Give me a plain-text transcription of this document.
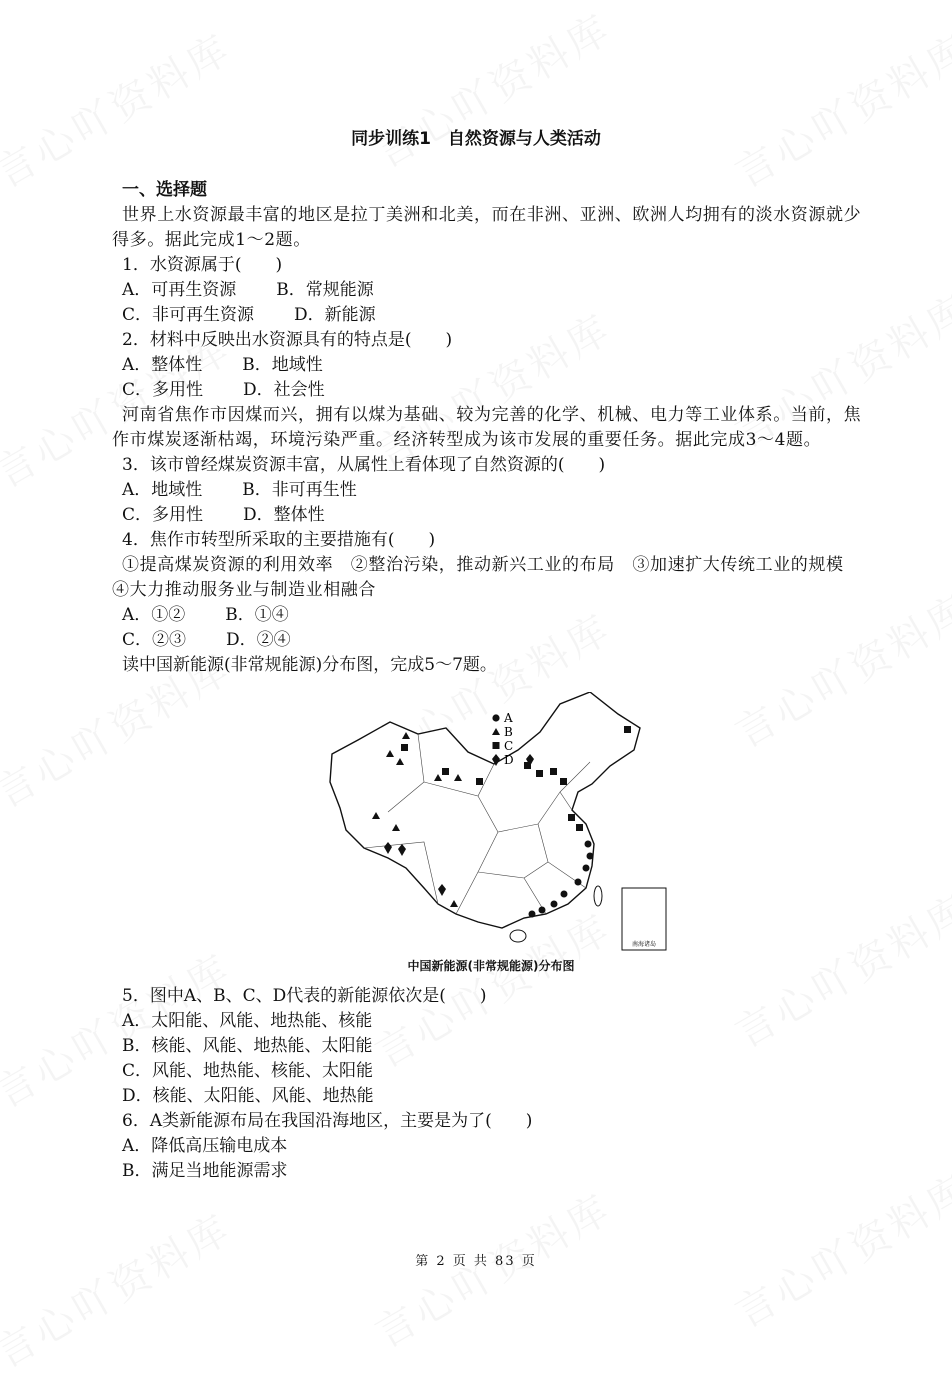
同步训练1　自然资源与人类活动
一、选择题
世界上水资源最丰富的地区是拉丁美洲和北美，而在非洲、亚洲、欧洲人均拥有的淡水资源就少得多。据此完成1～2题。
1．水资源属于(　　)
A．可再生资源 B．常规能源
C．非可再生资源 D．新能源
2．材料中反映出水资源具有的特点是(　　)
A．整体性 B．地域性
C．多用性 D．社会性
河南省焦作市因煤而兴，拥有以煤为基础、较为完善的化学、机械、电力等工业体系。当前，焦作市煤炭逐渐枯竭，环境污染严重。经济转型成为该市发展的重要任务。据此完成3～4题。
3．该市曾经煤炭资源丰富，从属性上看体现了自然资源的(　　)
A．地域性 B．非可再生性
C．多用性 D．整体性
4．焦作市转型所采取的主要措施有(　　)
①提高煤炭资源的利用效率　②整治污染，推动新兴工业的布局　③加速扩大传统工业的规模　④大力推动服务业与制造业相融合
A．①② B．①④
C．②③ D．②④
读中国新能源(非常规能源)分布图，完成5～7题。
南海诸岛
A
B
C
D
中国新能源(非常规能源)分布图
5．图中A、B、C、D代表的新能源依次是(　　)
A．太阳能、风能、地热能、核能
B．核能、风能、地热能、太阳能
C．风能、地热能、核能、太阳能
D．核能、太阳能、风能、地热能
6．A类新能源布局在我国沿海地区，主要是为了(　　)
A．降低高压输电成本
B．满足当地能源需求
第 2 页 共 83 页
